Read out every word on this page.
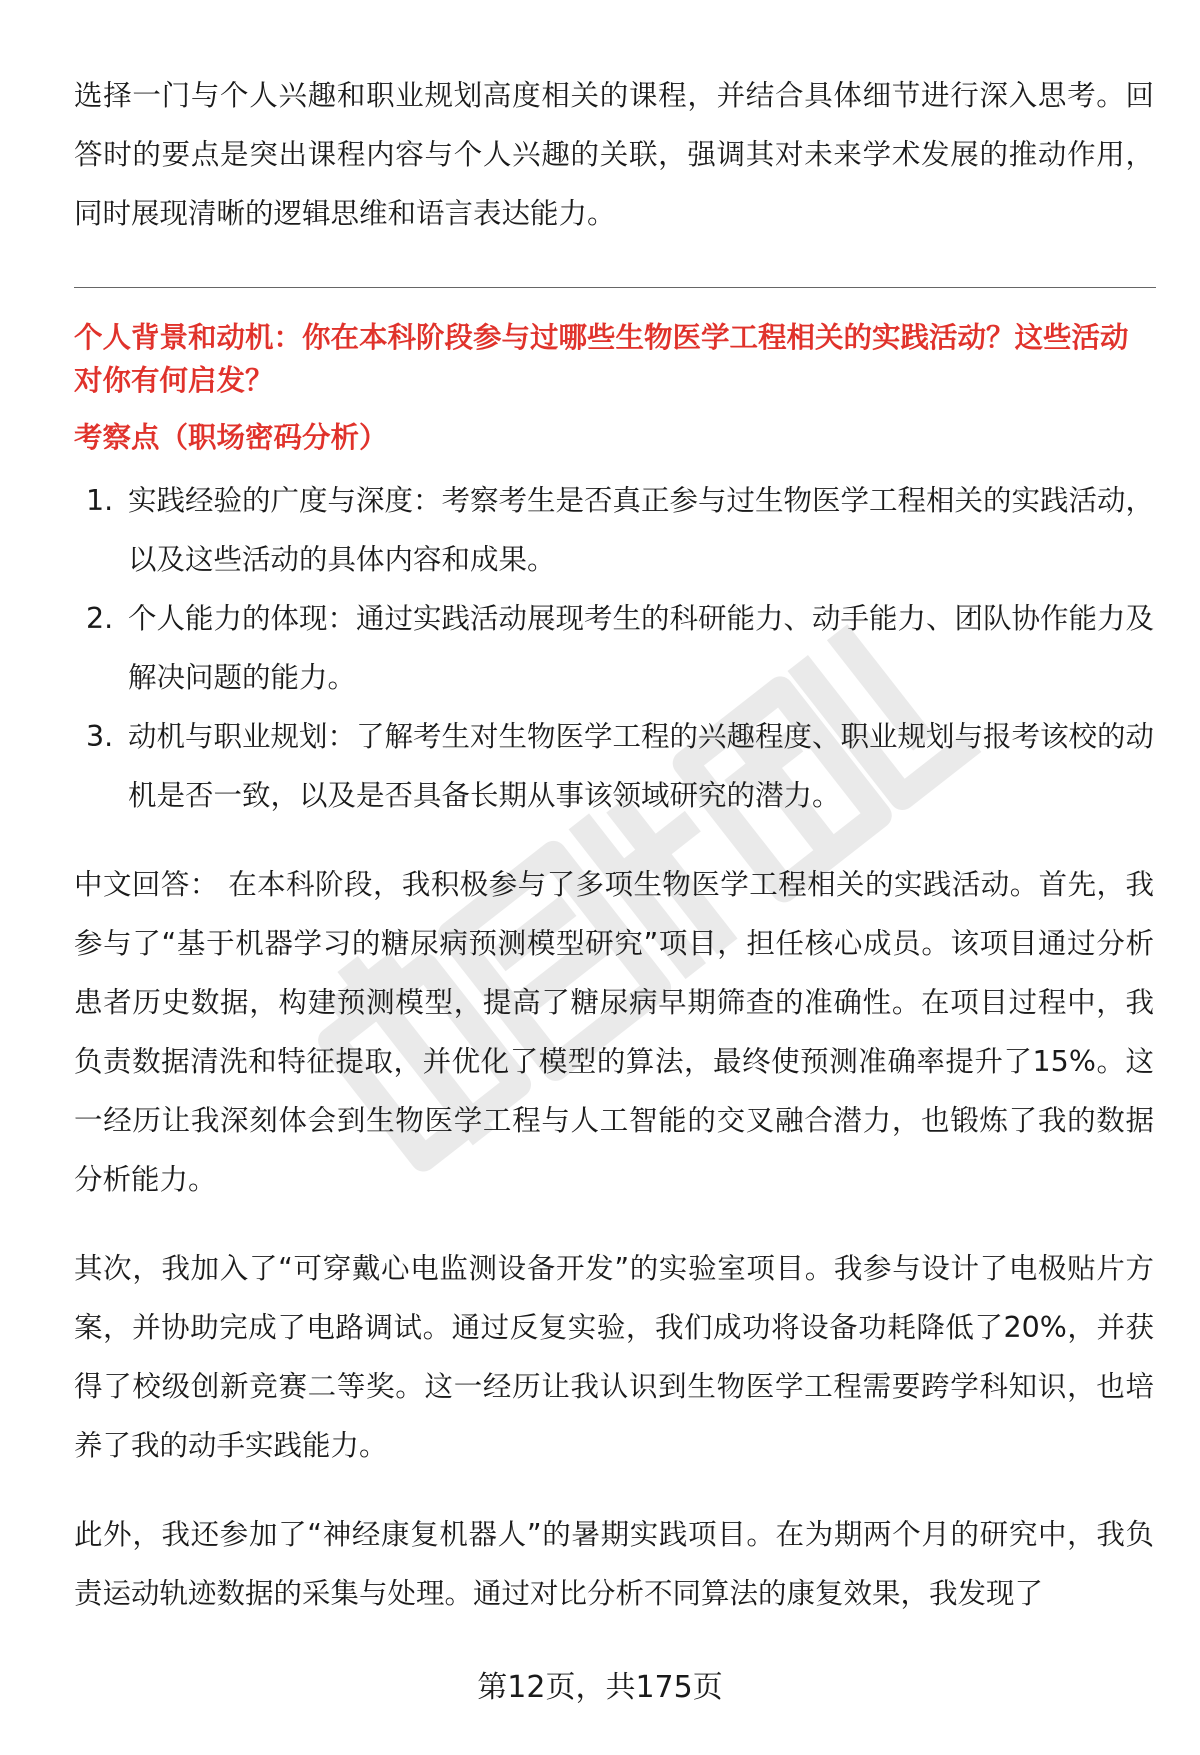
选择一门与个人兴趣和职业规划高度相关的课程，并结合具体细节进行深入思考。回答时的要点是突出课程内容与个人兴趣的关联，强调其对未来学术发展的推动作用，同时展现清晰的逻辑思维和语言表达能力。

个人背景和动机：你在本科阶段参与过哪些生物医学工程相关的实践活动？这些活动对你有何启发？

考察点（职场密码分析）

1. 实践经验的广度与深度：考察考生是否真正参与过生物医学工程相关的实践活动，以及这些活动的具体内容和成果。
2. 个人能力的体现：通过实践活动展现考生的科研能力、动手能力、团队协作能力及解决问题的能力。
3. 动机与职业规划：了解考生对生物医学工程的兴趣程度、职业规划与报考该校的动机是否一致，以及是否具备长期从事该领域研究的潜力。

中文回答： 在本科阶段，我积极参与了多项生物医学工程相关的实践活动。首先，我参与了“基于机器学习的糖尿病预测模型研究”项目，担任核心成员。该项目通过分析患者历史数据，构建预测模型，提高了糖尿病早期筛查的准确性。在项目过程中，我负责数据清洗和特征提取，并优化了模型的算法，最终使预测准确率提升了15%。这一经历让我深刻体会到生物医学工程与人工智能的交叉融合潜力，也锻炼了我的数据分析能力。

其次，我加入了“可穿戴心电监测设备开发”的实验室项目。我参与设计了电极贴片方案，并协助完成了电路调试。通过反复实验，我们成功将设备功耗降低了20%，并获得了校级创新竞赛二等奖。这一经历让我认识到生物医学工程需要跨学科知识，也培养了我的动手实践能力。

此外，我还参加了“神经康复机器人”的暑期实践项目。在为期两个月的研究中，我负责运动轨迹数据的采集与处理。通过对比分析不同算法的康复效果，我发现了

第12页，共175页
